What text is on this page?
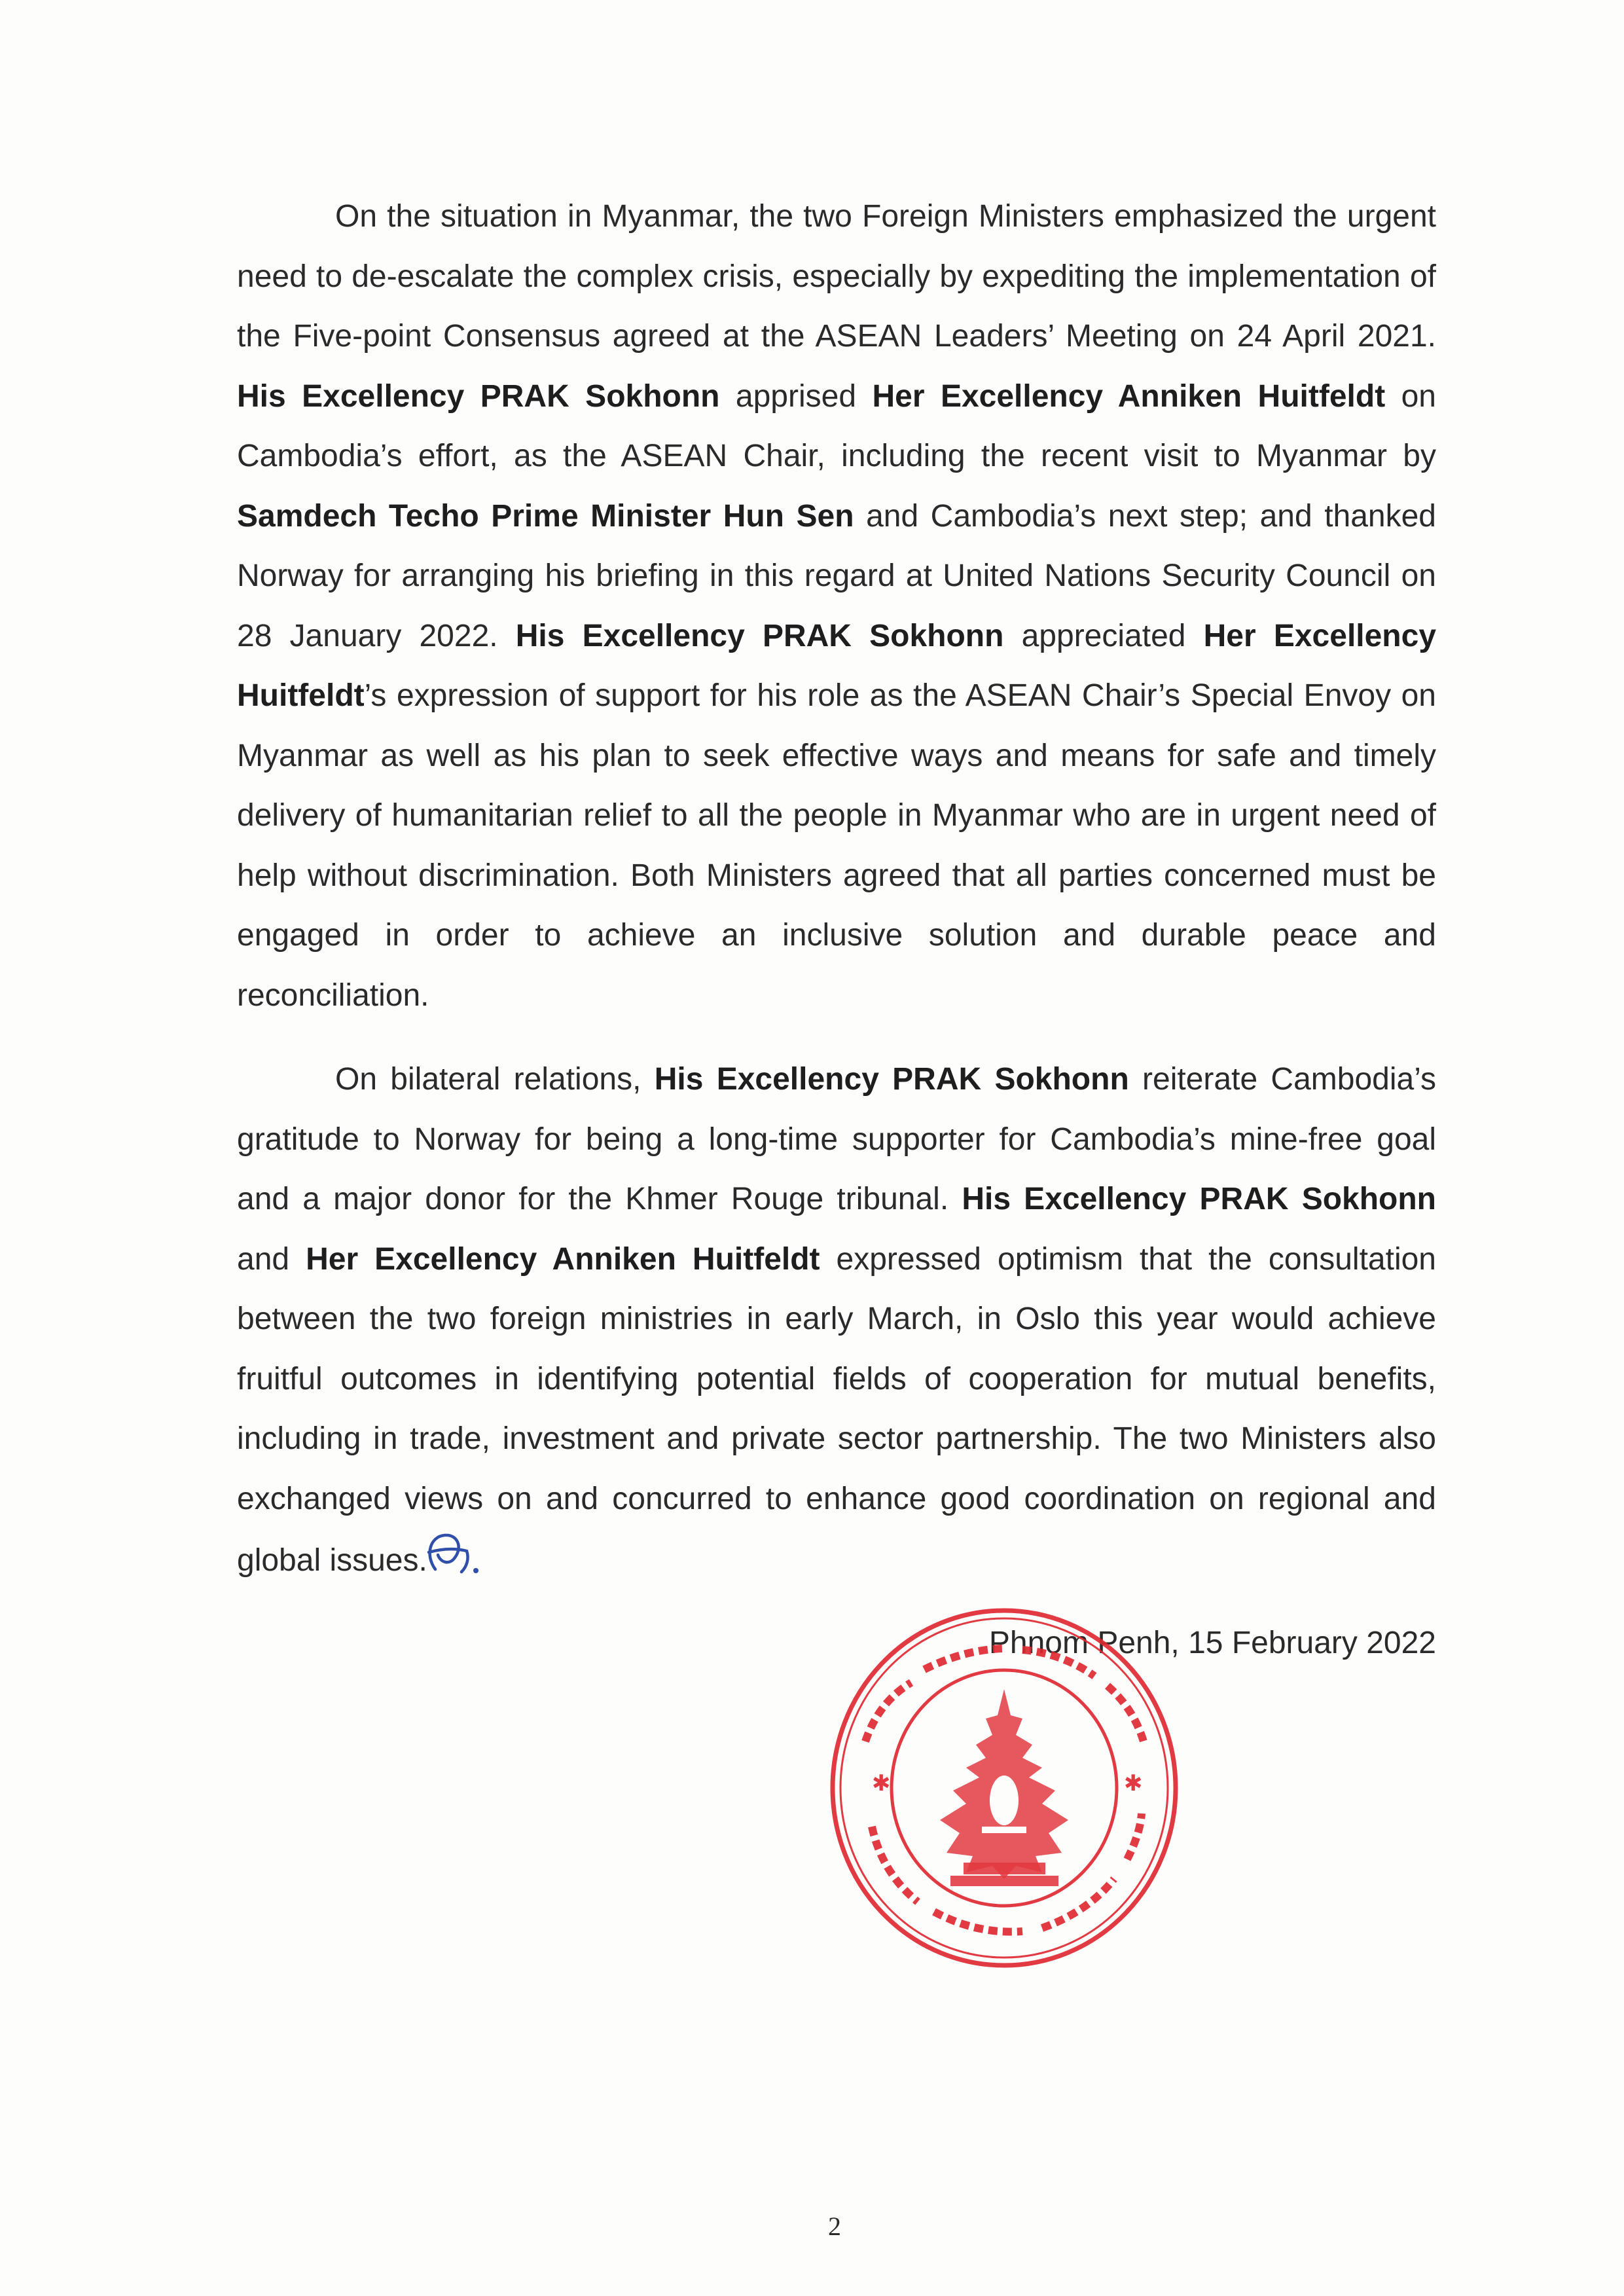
On the situation in Myanmar, the two Foreign Ministers emphasized the urgent need to de-escalate the complex crisis, especially by expediting the implementation of the Five-point Consensus agreed at the ASEAN Leaders’ Meeting on 24 April 2021. His Excellency PRAK Sokhonn apprised Her Excellency Anniken Huitfeldt on Cambodia’s effort, as the ASEAN Chair, including the recent visit to Myanmar by Samdech Techo Prime Minister Hun Sen and Cambodia’s next step; and thanked Norway for arranging his briefing in this regard at United Nations Security Council on 28 January 2022. His Excellency PRAK Sokhonn appreciated Her Excellency Huitfeldt’s expression of support for his role as the ASEAN Chair’s Special Envoy on Myanmar as well as his plan to seek effective ways and means for safe and timely delivery of humanitarian relief to all the people in Myanmar who are in urgent need of help without discrimination. Both Ministers agreed that all parties concerned must be engaged in order to achieve an inclusive solution and durable peace and reconciliation.

On bilateral relations, His Excellency PRAK Sokhonn reiterate Cambodia’s gratitude to Norway for being a long-time supporter for Cambodia’s mine-free goal and a major donor for the Khmer Rouge tribunal. His Excellency PRAK Sokhonn and Her Excellency Anniken Huitfeldt expressed optimism that the consultation between the two foreign ministries in early March, in Oslo this year would achieve fruitful outcomes in identifying potential fields of cooperation for mutual benefits, including in trade, investment and private sector partnership. The two Ministers also exchanged views on and concurred to enhance good coordination on regional and global issues.

Phnom Penh, 15 February 2022

✱	✱

2
